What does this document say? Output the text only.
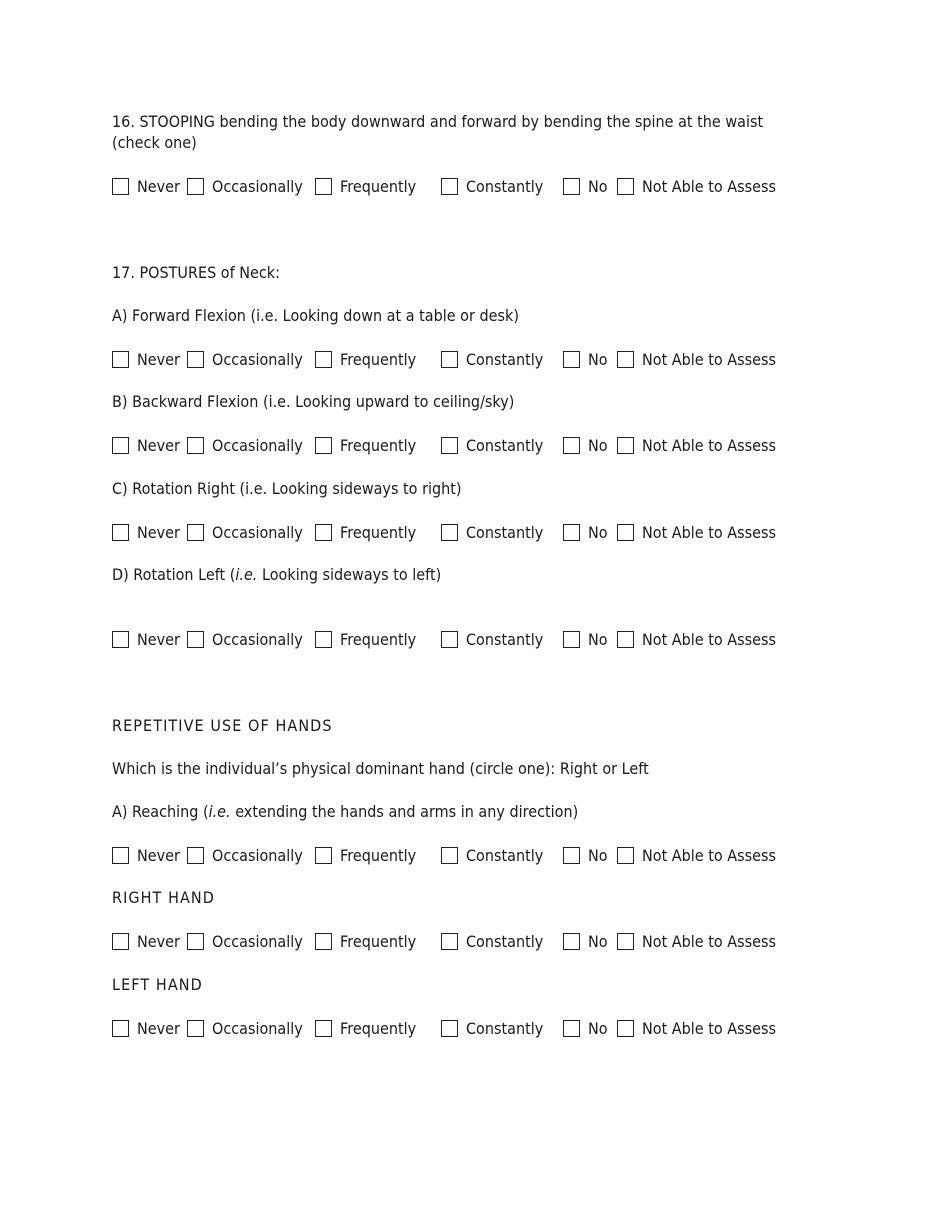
16. STOOPING bending the body downward and forward by bending the spine at the waist
(check one)
Never Occasionally Frequently	Constantly	No Not Able to Assess
17. POSTURES of Neck:
A) Forward Flexion (i.e. Looking down at a table or desk)
Never Occasionally Frequently	Constantly	No Not Able to Assess
B) Backward Flexion (i.e. Looking upward to ceiling/sky)
Never Occasionally Frequently	Constantly	No Not Able to Assess
C) Rotation Right (i.e. Looking sideways to right)
Never Occasionally Frequently	Constantly	No Not Able to Assess
D) Rotation Left (i.e. Looking sideways to left)
Never Occasionally Frequently	Constantly	No Not Able to Assess
REPETITIVE USE OF HANDS
Which is the individual’s physical dominant hand (circle one): Right or Left
A) Reaching (i.e. extending the hands and arms in any direction)
Never Occasionally Frequently	Constantly	No Not Able to Assess
RIGHT HAND
Never Occasionally Frequently	Constantly	No Not Able to Assess
LEFT HAND
Never Occasionally Frequently	Constantly	No Not Able to Assess
